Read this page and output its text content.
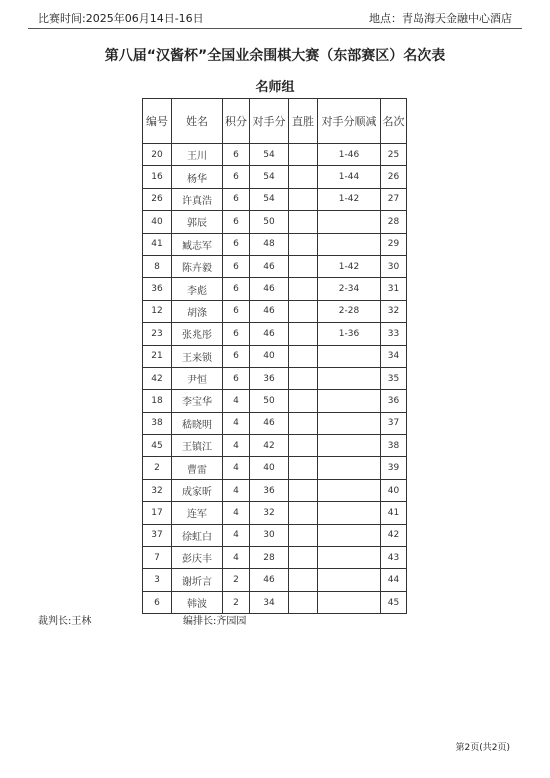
比赛时间:2025年06月14日-16日	地点：青岛海天金融中心酒店
第八届“汉酱杯”全国业余围棋大赛（东部赛区）名次表
名师组
编号	姓名	积分	对手分	直胜	对手分顺减	名次
20	王川	6	54		1-46	25
16	杨华	6	54		1-44	26
26	许真浩	6	54		1-42	27
40	郭辰	6	50			28
41	臧志军	6	48			29
8	陈卉毅	6	46		1-42	30
36	李彪	6	46		2-34	31
12	胡涤	6	46		2-28	32
23	张兆彤	6	46		1-36	33
21	王来锁	6	40			34
42	尹恒	6	36			35
18	李宝华	4	50			36
38	嵇晓明	4	46			37
45	王镇江	4	42			38
2	曹雷	4	40			39
32	成家昕	4	36			40
17	连军	4	32			41
37	徐虹白	4	30			42
7	彭庆丰	4	28			43
3	谢圻言	2	46			44
6	韩波	2	34			45
裁判长:王林	编排长:齐园园
第2页(共2页)
